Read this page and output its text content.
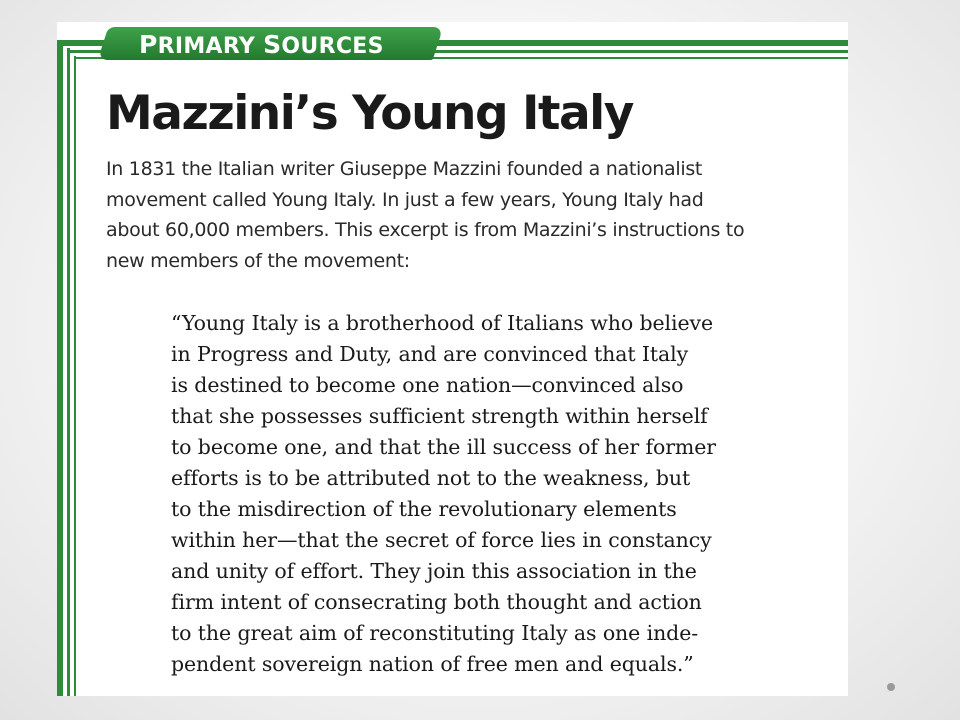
PRIMARY SOURCES
Mazzini’s Young Italy
In 1831 the Italian writer Giuseppe Mazzini founded a nationalist
movement called Young Italy. In just a few years, Young Italy had
about 60,000 members. This excerpt is from Mazzini’s instructions to
new members of the movement:
“Young Italy is a brotherhood of Italians who believe
in Progress and Duty, and are convinced that Italy
is destined to become one nation—convinced also
that she possesses sufficient strength within herself
to become one, and that the ill success of her former
efforts is to be attributed not to the weakness, but
to the misdirection of the revolutionary elements
within her—that the secret of force lies in constancy
and unity of effort. They join this association in the
firm intent of consecrating both thought and action
to the great aim of reconstituting Italy as one inde-
pendent sovereign nation of free men and equals.”
